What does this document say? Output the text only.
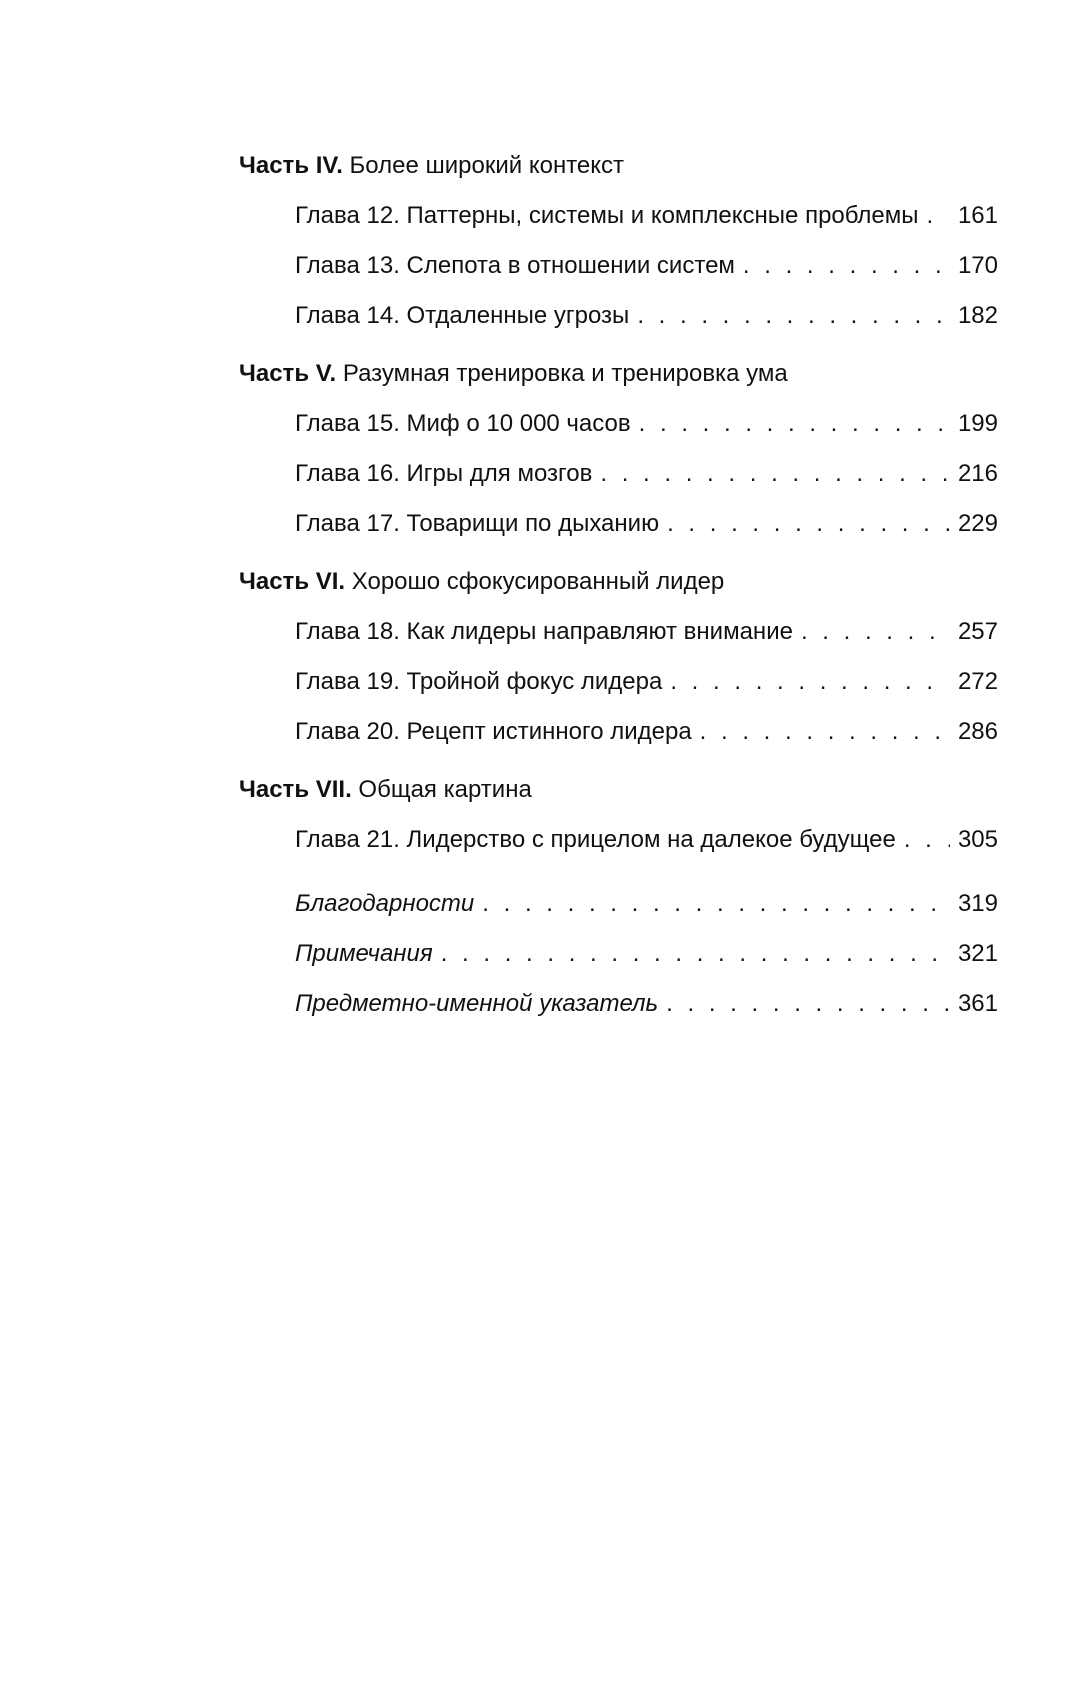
Часть IV. Более широкий контекст
Глава 12. Паттерны, системы и комплексные проблемы . . . 161
Глава 13. Слепота в отношении систем . . .	170
Глава 14. Отдаленные угрозы . . .	182
Часть V. Разумная тренировка и тренировка ума
Глава 15. Миф о 10 000 часов . . .	199
Глава 16. Игры для мозгов . . .	216
Глава 17. Товарищи по дыханию . . .	229
Часть VI. Хорошо сфокусированный лидер
Глава 18. Как лидеры направляют внимание . . .	257
Глава 19. Тройной фокус лидера . . .	272
Глава 20. Рецепт истинного лидера . . .	286
Часть VII. Общая картина
Глава 21. Лидерство с прицелом на далекое будущее . . .	305
Благодарности . . .	319
Примечания . . .	321
Предметно-именной указатель . . .	361
